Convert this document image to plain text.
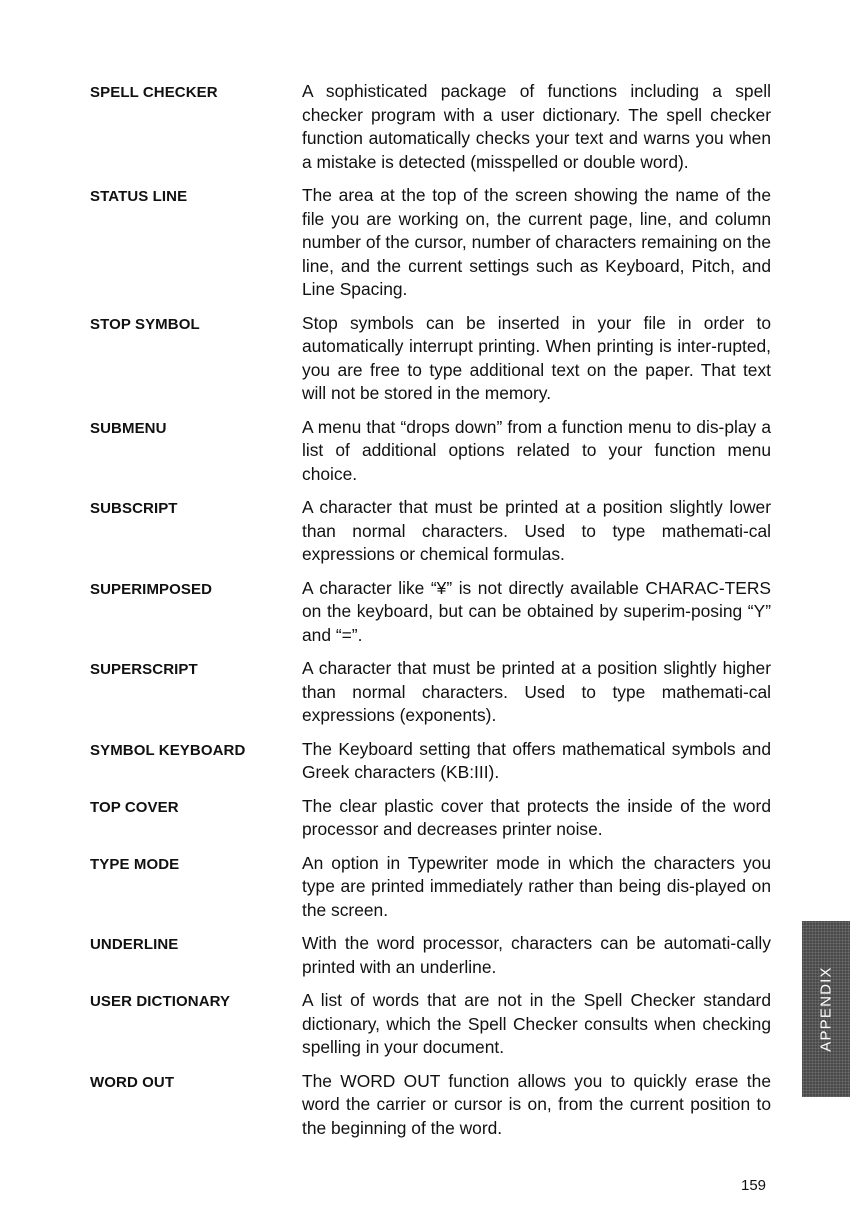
SPELL CHECKER	A sophisticated package of functions including a spell checker program with a user dictionary. The spell checker function automatically checks your text and warns you when a mistake is detected (misspelled or double word).
STATUS LINE	The area at the top of the screen showing the name of the file you are working on, the current page, line, and column number of the cursor, number of characters remaining on the line, and the current settings such as Keyboard, Pitch, and Line Spacing.
STOP SYMBOL	Stop symbols can be inserted in your file in order to automatically interrupt printing. When printing is inter-rupted, you are free to type additional text on the paper. That text will not be stored in the memory.
SUBMENU	A menu that “drops down” from a function menu to dis-play a list of additional options related to your function menu choice.
SUBSCRIPT	A character that must be printed at a position slightly lower than normal characters. Used to type mathemati-cal expressions or chemical formulas.
SUPERIMPOSED	A character like “¥” is not directly available CHARAC-TERS on the keyboard, but can be obtained by superim-posing “Y” and “=”.
SUPERSCRIPT	A character that must be printed at a position slightly higher than normal characters. Used to type mathemati-cal expressions (exponents).
SYMBOL KEYBOARD	The Keyboard setting that offers mathematical symbols and Greek characters (KB:III).
TOP COVER	The clear plastic cover that protects the inside of the word processor and decreases printer noise.
TYPE MODE	An option in Typewriter mode in which the characters you type are printed immediately rather than being dis-played on the screen.
UNDERLINE	With the word processor, characters can be automati-cally printed with an underline.
USER DICTIONARY	A list of words that are not in the Spell Checker standard dictionary, which the Spell Checker consults when checking spelling in your document.
WORD OUT	The WORD OUT function allows you to quickly erase the word the carrier or cursor is on, from the current position to the beginning of the word.
APPENDIX
159
